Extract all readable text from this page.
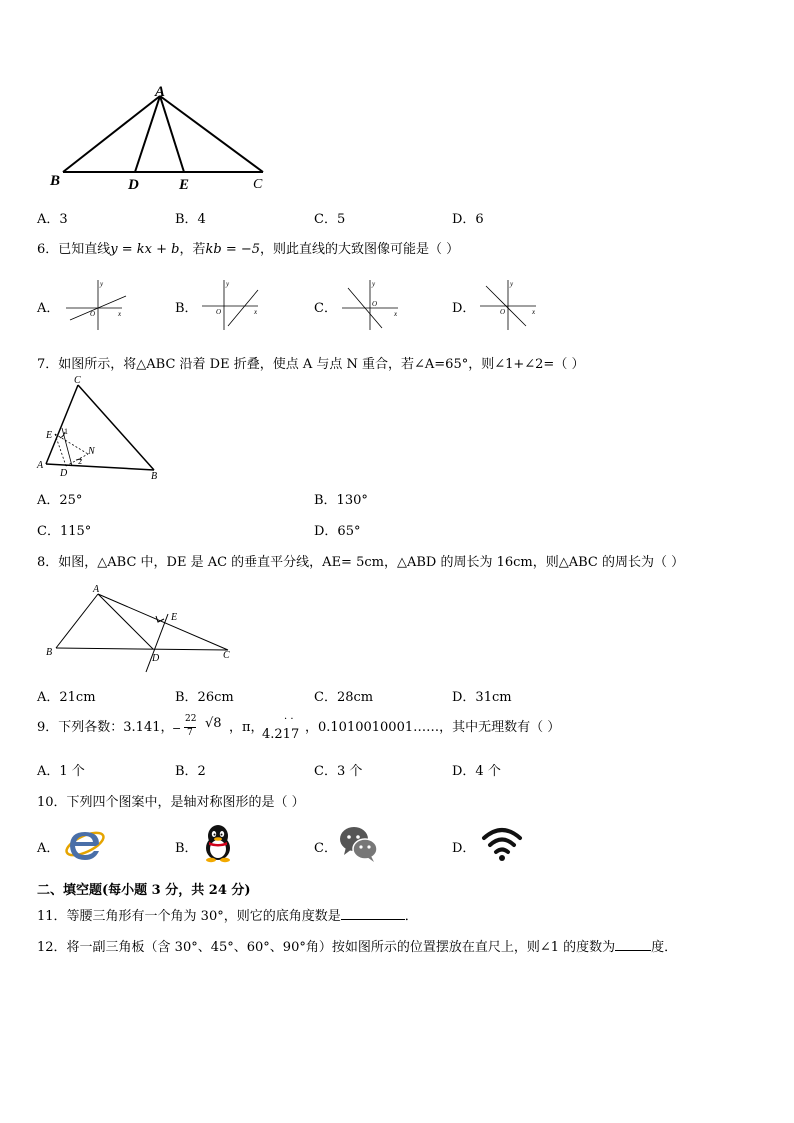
A
B	D	E	C
A．3	B．4	C．5	D．6
6．已知直线y = kx + b，若kb = −5，则此直线的大致图像可能是（ ）
A．	B．	C．	D．
y
O	x
y
O	x
y
O
x
y
O	x
7．如图所示，将△ABC 沿着 DE 折叠，使点 A 与点 N 重合，若∠A=65°，则∠1+∠2=（ ）
C
E 1
N
2
A
D	B
A．25°	B．130°
C．115°	D．65°
8．如图，△ABC 中，DE 是 AC 的垂直平分线，AE= 5cm，△ABD 的周长为 16cm，则△ABC 的周长为（ ）
A
E
B
D	C
A．21cm	B．26cm	C．28cm	D．31cm
9．下列各数：3.141，
−
22
7
√8 ，π，
· ·
4.217 ，0.1010010001……，其中无理数有（ ）
A．1 个	B．2	C．3 个	D．4 个
10．下列四个图案中，是轴对称图形的是（ ）
A．	B．	C．	D．
二、填空题(每小题 3 分，共 24 分)
11．等腰三角形有一个角为 30°，则它的底角度数是	．
12．将一副三角板（含 30°、45°、60°、90°角）按如图所示的位置摆放在直尺上，则∠1 的度数为	度．
